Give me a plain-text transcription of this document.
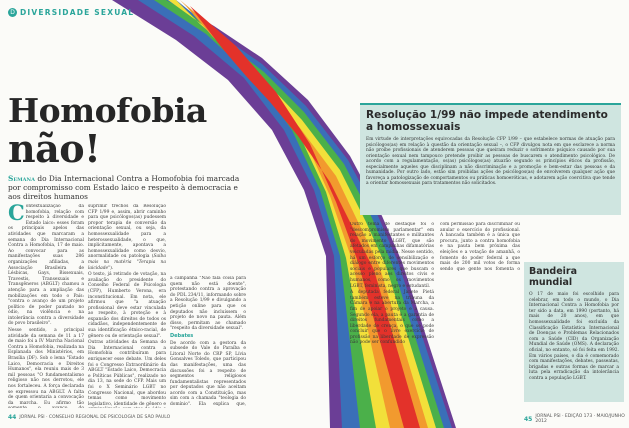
D DIVERSIDADE SEXUAL
Homofobia
não!
Semana do Dia Internacional Contra a Homofobia foi marcada por compromisso com Estado laico e respeito à democracia e aos direitos humanos

Contextualização da homofobia, relação com respeito à diversidade e Estado laico: esses foram os principais apelos das atividades que marcaram a semana do Dia Internacional Contra a Homofobia, 17 de maio. Ao convocar para as manifestações suas 286 organizações afiliadas, a Associação Brasileira de Lésbicas, Gays, Bissexuais, Travestis, Transexuais e Transgêneros (ABGLT) chamou a atenção para a ampliação das mobilizações em todo o País: "contra o avanço de um projeto político de poder pautado no ódio, na violência e na intolerância contra a diversidade do povo brasileiro".

Nesse sentido, a principal atividade da semana de 11 a 17 de maio foi a IV Marcha Nacional Contra a Homofobia, realizada na Esplanada dos Ministérios, em Brasília (DF). Sob o lema "Estado Laico, Democracia e Direitos Humanos", ela reuniu mais de 3 mil pessoas "O fundamentalismo religioso não nos derrotou, ele nos fortaleceu. A força declarada se expressou na ABGLT. A falta de quem orientaria a convocação da marcha. Eu afirmo tão

suprimir trechos da Resolução CFP 1/99 e, assim, abrir caminho para que psicólogos(as) pudessem propor terapia de conversão da orientação sexual, ou seja, da homossexualidade para a heterossexualidade, o que, implicitamente, apontava a homossexualidade como desvio, anormalidade ou patologia (Saiba mais na matéria "Terapia na laicidade").

O texto, já retirado de votação, na avaliação do presidente do Conselho Federal de Psicologia (CFP), Humberto Verona, era inconstitucional. Em nota, ele afirmou que "a atuação profissional deve estar vinculada ao respeito, à proteção e à expansão dos direitos de todos os cidadãos, independentemente de sua identificação étnico-racial, de gênero ou de orientação sexual".

Outras atividades da Semana do Dia Internacional contra a Homofobia contribuíram para enriquecer esse debate. Um deles foi o Congresso Extraordinário da ABGLT "Estado Laico, Democracia e Políticas Públicas", realizado no dia 13, na sede do CFP. Mais um foi o X Seminário LGBT no Congresso Nacional, que abordou temas como movimento legislativo, identidade de gênero e

a campanha "Não fala coisa para quem não está doente", protestando contra a aprovação do PDL 234/11, informando sobre a Resolução 1/99 e divulgando a petição online para que os deputados não incluíssem o projeto de novo na pauta. Além disso, permitam ao chamado "respeito da diversidade sexual".

Debates

De acordo com a gestora da subsede do Vale do Paraíba e Litoral Norte do CRP SP, Lívia Gonsalves Toledo, que participou das manifestações, uma das discussões foi a respeito de segmentos religiosos fundamentalistas representados por deputados que não aceitam acordo com a Constituição, mas sim com a chamada "teologia do domínio". Ela explica que,

Outro tema de destaque foi o "descompromisso parlamentar" em relação a manifestantes e militantes do movimento LGBT, que são afetados em campanhas difamatórias veiculadas pela mídia. Nesse sentido, há um esforço de sensibilização e diálogo entre diferentes movimentos sociais e populares que buscam o acesso pleno aos direitos civis e humanos, como os movimentos LGBT, feminista, negro e estudantil.

A deputada federal Janete Pietá também esteve na tribuna da Câmara e na abertura da Marcha, a fim de apoiar o projeto e a causa. Segundo ela, a pauta é a garantia de direitos fundamentais como a liberdade de crença, o que se pode concluir que o livre exercício de profissão na liberdade de expressão não pode ser confundido

com permissão para discriminar ou anular o exercício do profissional. A bancada também é a única que procura, junto a contra homofobia e na pauta bem próxima das eleições e a votação de amanhã, o fomento do poder federal a que mais de 200 mil votos de forma sendo que gente nos fomenta o

Resolução 1/99 não impede atendimento a homossexuais
Em virtude de interpretações equivocadas da Resolução CFP 1/99 – que estabelece normas de atuação para psicólogos(as) em relação à questão da orientação sexual –, o CFP divulgou nota em que esclarece a norma não proíbe profissionais de atenderem pessoas que queiram reduzir o sofrimento psíquico causado por sua orientação sexual nem tampouco pretende proibir as pessoas de buscarem o atendimento psicológico. De acordo com a regulamentação, os(as) psicólogos(as) atuarão segundo os princípios éticos da profissão, especialmente aqueles que disciplinam a não discriminação e a promoção e bem-estar das pessoas e da humanidade. Por outro lado, estão sim proibidas ações de psicólogos(as) de envolverem qualquer ação que favoreça a patologização de comportamentos ou práticas homoeróticas, e adotarem ação coercitiva que tende a orientar homossexuais para tratamentos não solicitados.
Bandeira mundial
O 17 de maio foi escolhido para celebrar, em todo o mundo, o Dia Internacional Contra a Homofobia por ter sido a data, em 1990 (portanto, há mais de 20 anos), em que homossexualidade foi excluída da Classificação Estatística Internacional de Doenças e Problemas Relacionados com a Saúde (CID) da Organização Mundial de Saúde (OMS). A declaração oficial, no entanto, só foi feita em 1992. Em vários países, o dia é comemorado com manifestações, debates, passeatas, brigadas e outras formas de marcar a luta pela erradicação da intolerância contra a população LGBT.
44 JORNAL PSI · CONSELHO REGIONAL DE PSICOLOGIA DE SÃO PAULO	45 JORNAL PSI · EDIÇÃO 173 · MAIO/JUNHO 2012
